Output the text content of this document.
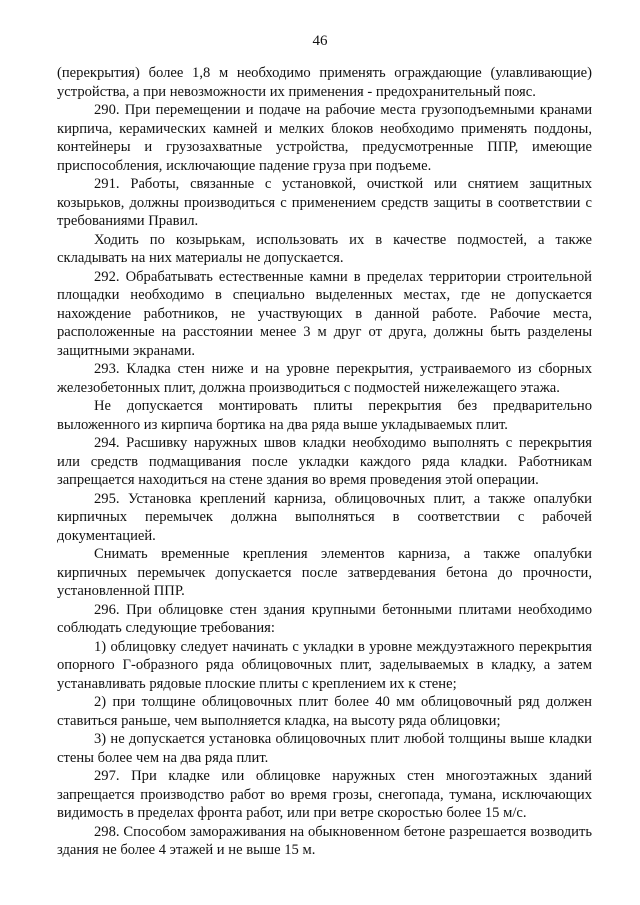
46

(перекрытия) более 1,8 м необходимо применять ограждающие (улавливающие) устройства, а при невозможности их применения - предохранительный пояс.

290. При перемещении и подаче на рабочие места грузоподъемными кранами кирпича, керамических камней и мелких блоков необходимо применять поддоны, контейнеры и грузозахватные устройства, предусмотренные ППР, имеющие приспособления, исключающие падение груза при подъеме.

291. Работы, связанные с установкой, очисткой или снятием защитных козырьков, должны производиться с применением средств защиты в соответствии с требованиями Правил.

Ходить по козырькам, использовать их в качестве подмостей, а также складывать на них материалы не допускается.

292. Обрабатывать естественные камни в пределах территории строительной площадки необходимо в специально выделенных местах, где не допускается нахождение работников, не участвующих в данной работе. Рабочие места, расположенные на расстоянии менее 3 м друг от друга, должны быть разделены защитными экранами.

293. Кладка стен ниже и на уровне перекрытия, устраиваемого из сборных железобетонных плит, должна производиться с подмостей нижележащего этажа.

Не допускается монтировать плиты перекрытия без предварительно выложенного из кирпича бортика на два ряда выше укладываемых плит.

294. Расшивку наружных швов кладки необходимо выполнять с перекрытия или средств подмащивания после укладки каждого ряда кладки. Работникам запрещается находиться на стене здания во время проведения этой операции.

295. Установка креплений карниза, облицовочных плит, а также опалубки кирпичных перемычек должна выполняться в соответствии с рабочей документацией.

Снимать временные крепления элементов карниза, а также опалубки кирпичных перемычек допускается после затвердевания бетона до прочности, установленной ППР.

296. При облицовке стен здания крупными бетонными плитами необходимо соблюдать следующие требования:

1) облицовку следует начинать с укладки в уровне междуэтажного перекрытия опорного Г-образного ряда облицовочных плит, заделываемых в кладку, а затем устанавливать рядовые плоские плиты с креплением их к стене;

2) при толщине облицовочных плит более 40 мм облицовочный ряд должен ставиться раньше, чем выполняется кладка, на высоту ряда облицовки;

3) не допускается установка облицовочных плит любой толщины выше кладки стены более чем на два ряда плит.

297. При кладке или облицовке наружных стен многоэтажных зданий запрещается производство работ во время грозы, снегопада, тумана, исключающих видимость в пределах фронта работ, или при ветре скоростью более 15 м/с.

298. Способом замораживания на обыкновенном бетоне разрешается возводить здания не более 4 этажей и не выше 15 м.
